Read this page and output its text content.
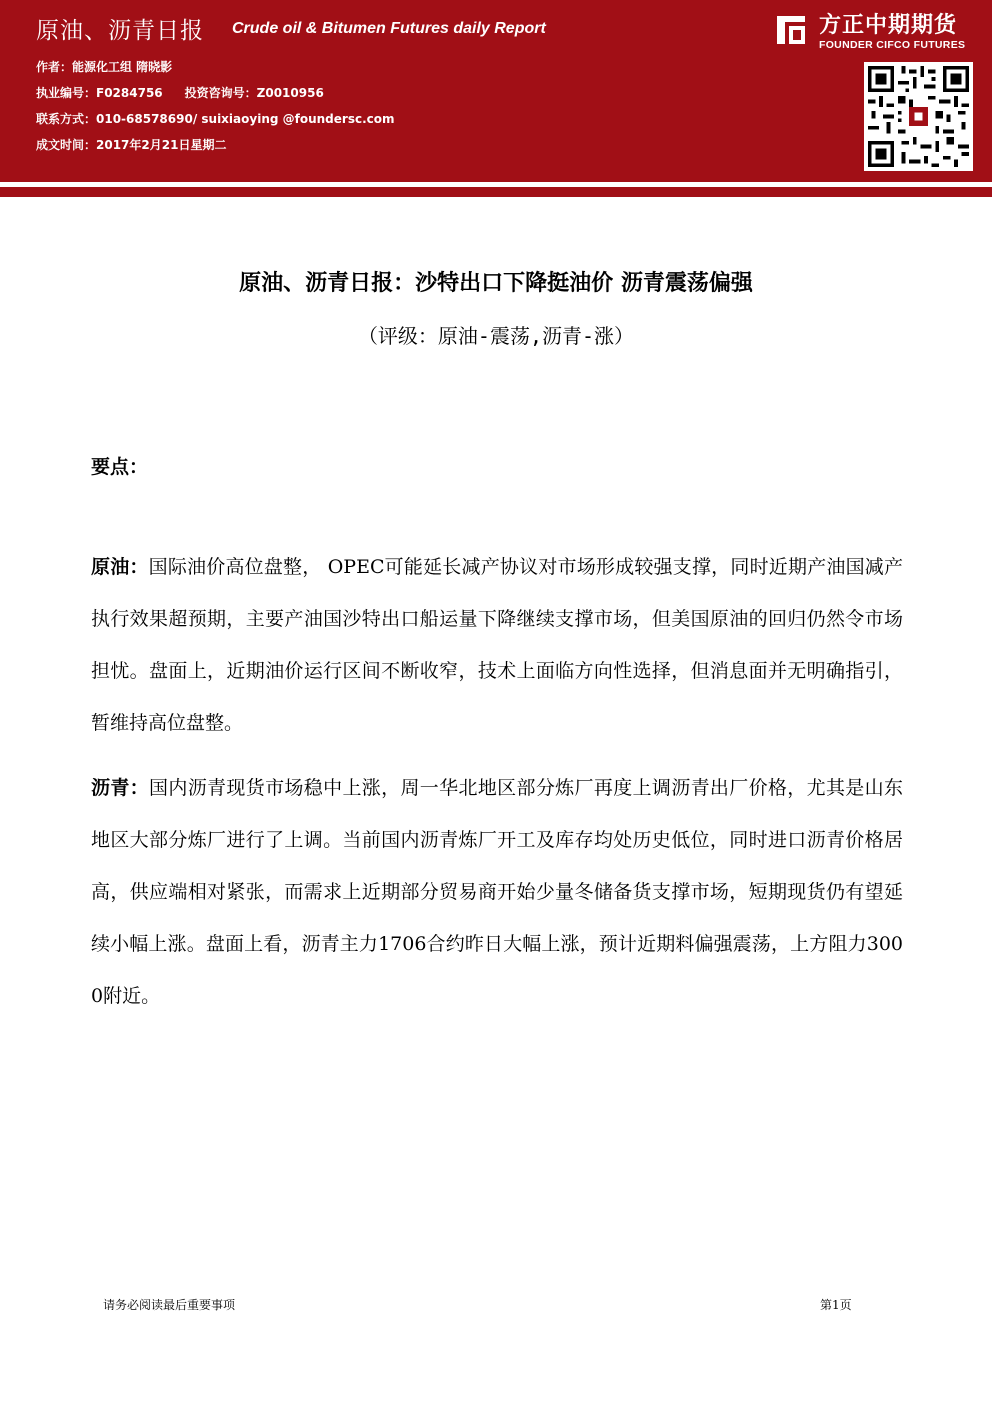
原油、沥青日报 Crude oil & Bitumen Futures daily Report
作者：能源化工组 隋晓影
执业编号：F0284756 投资咨询号：Z0010956
联系方式：010-68578690/ suixiaoying @foundersc.com
成文时间：2017年2月21日星期二
方正中期期货
FOUNDER CIFCO FUTURES
原油、沥青日报：沙特出口下降挺油价 沥青震荡偏强
（评级：原油-震荡,沥青-涨）
要点：
原油：国际油价高位盘整， OPEC可能延长减产协议对市场形成较强支撑，同时近期产油国减产执行效果超预期，主要产油国沙特出口船运量下降继续支撑市场，但美国原油的回归仍然令市场担忧。盘面上，近期油价运行区间不断收窄，技术上面临方向性选择，但消息面并无明确指引，暂维持高位盘整。
沥青：国内沥青现货市场稳中上涨，周一华北地区部分炼厂再度上调沥青出厂价格，尤其是山东地区大部分炼厂进行了上调。当前国内沥青炼厂开工及库存均处历史低位，同时进口沥青价格居高，供应端相对紧张，而需求上近期部分贸易商开始少量冬储备货支撑市场，短期现货仍有望延续小幅上涨。盘面上看，沥青主力1706合约昨日大幅上涨，预计近期料偏强震荡，上方阻力3000附近。
请务必阅读最后重要事项	第1页
